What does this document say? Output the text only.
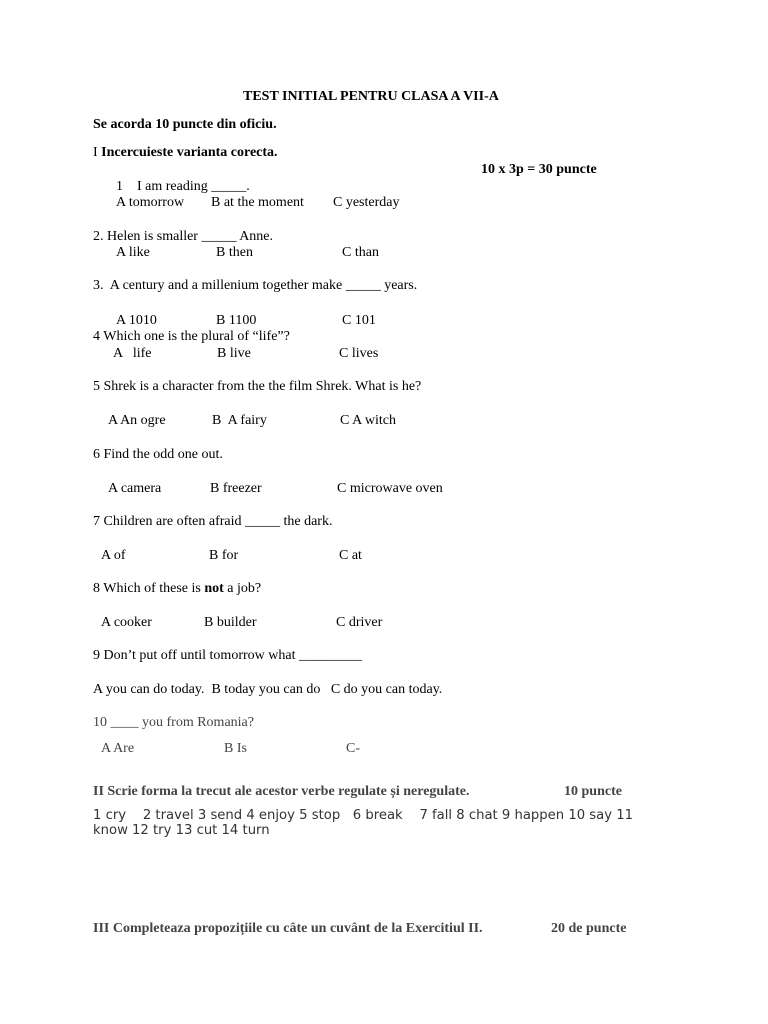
TEST INITIAL PENTRU CLASA A VII-A
Se acorda 10 puncte din oficiu.
I Incercuieste varianta corecta.
10 x 3p = 30 puncte
1 I am reading _____.
A tomorrow B at the moment C yesterday
2. Helen is smaller _____ Anne.
A like	B then	C than
3.  A century and a millenium together make _____ years.
A 1010	B 1100	C 101
4 Which one is the plural of “life”?
A   life	B live	C lives
5 Shrek is a character from the the film Shrek. What is he?
A An ogre	B  A fairy	C A witch
6 Find the odd one out.
A camera	B freezer	C microwave oven
7 Children are often afraid _____ the dark.
A of	B for	C at
8 Which of these is not a job?
A cooker	B builder	C driver
9 Don’t put off until tomorrow what _________
A you can do today.  B today you can do   C do you can today.
10 ____ you from Romania?
A Are	B Is	C-
II Scrie forma la trecut ale acestor verbe regulate și neregulate.	10 puncte
1 cry    2 travel 3 send 4 enjoy 5 stop   6 break    7 fall 8 chat 9 happen 10 say 11
know 12 try 13 cut 14 turn
III Completeaza propozițiile cu câte un cuvânt de la Exercitiul II.	20 de puncte
